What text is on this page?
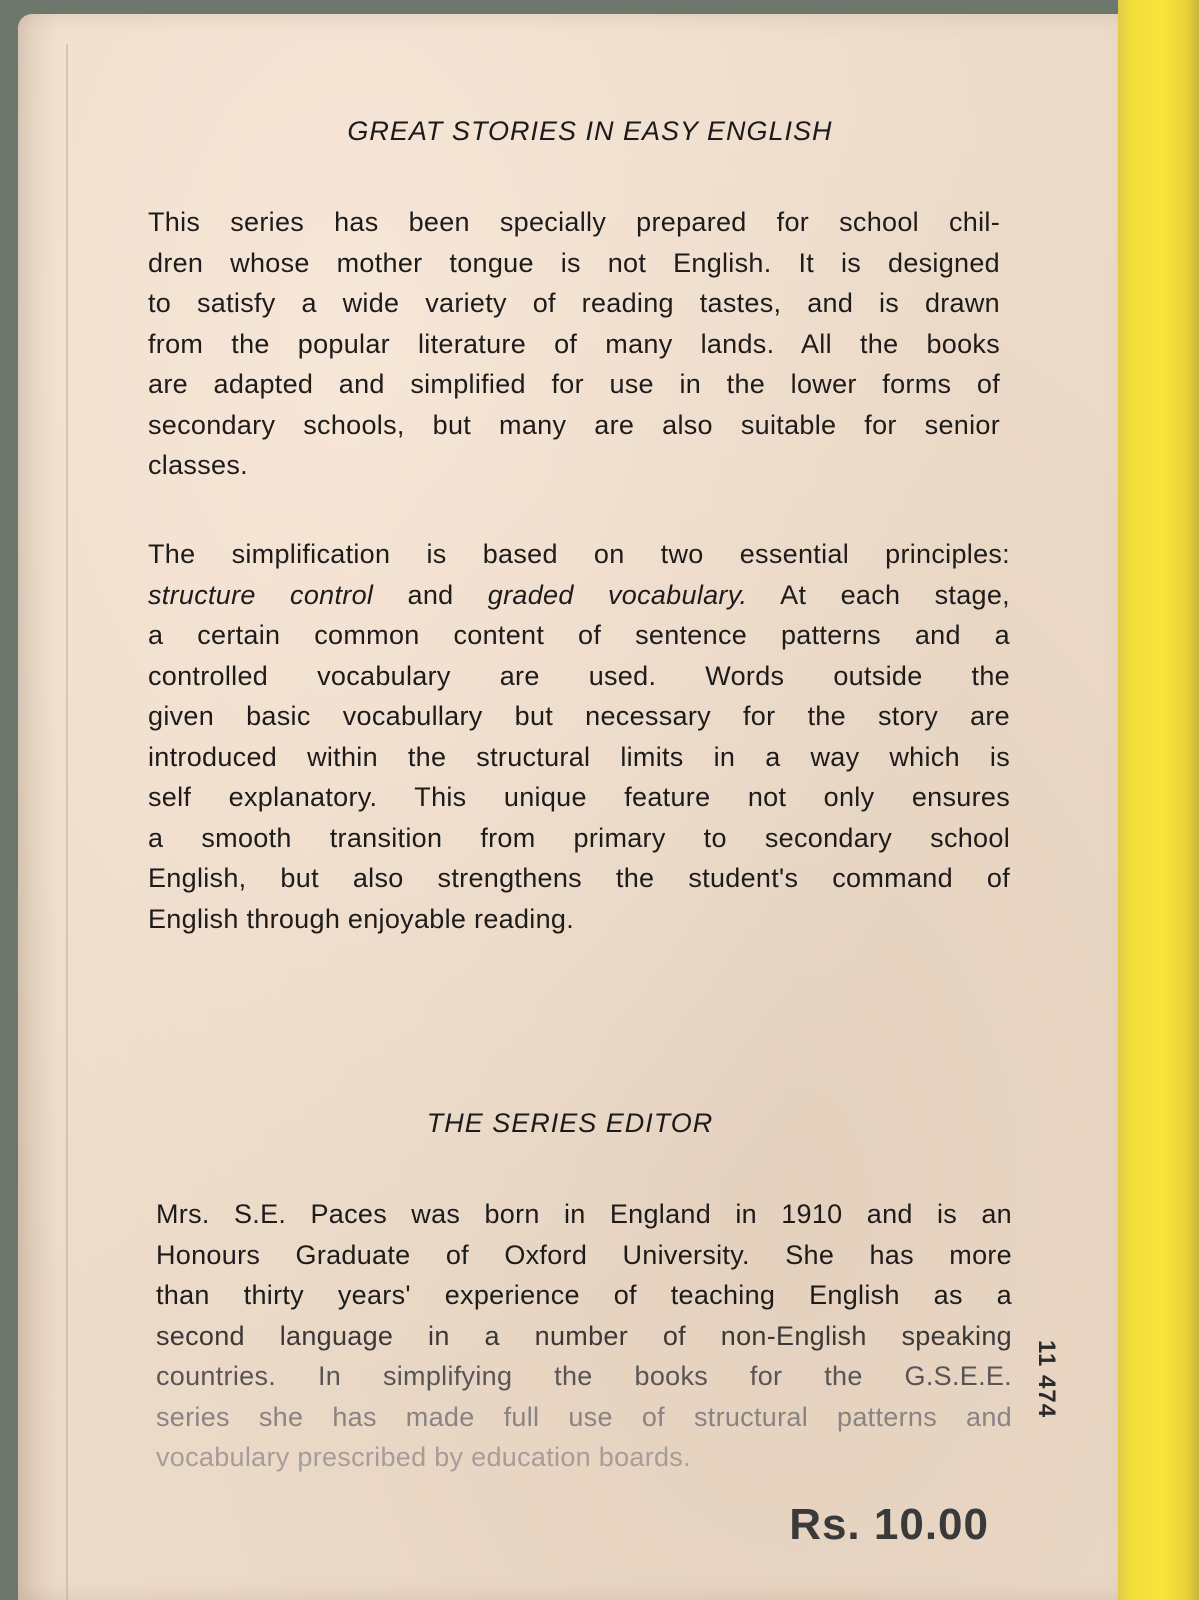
11 474
GREAT STORIES IN EASY ENGLISH
This series has been specially prepared for school chil-
dren whose mother tongue is not English. It is designed
to satisfy a wide variety of reading tastes, and is drawn
from the popular literature of many lands. All the books
are adapted and simplified for use in the lower forms of
secondary schools, but many are also suitable for senior
classes.
The simplification is based on two essential principles:
structure control and graded vocabulary. At each stage,
a certain common content of sentence patterns and a
controlled vocabulary are used. Words outside the
given basic vocabullary but necessary for the story are
introduced within the structural limits in a way which is
self explanatory. This unique feature not only ensures
a smooth transition from primary to secondary school
English, but also strengthens the student's command of
English through enjoyable reading.
THE SERIES EDITOR
Mrs. S.E. Paces was born in England in 1910 and is an
Honours Graduate of Oxford University. She has more
than thirty years' experience of teaching English as a
second language in a number of non-English speaking
countries. In simplifying the books for the G.S.E.E.
series she has made full use of structural patterns and
vocabulary prescribed by education boards.
Rs. 10.00
